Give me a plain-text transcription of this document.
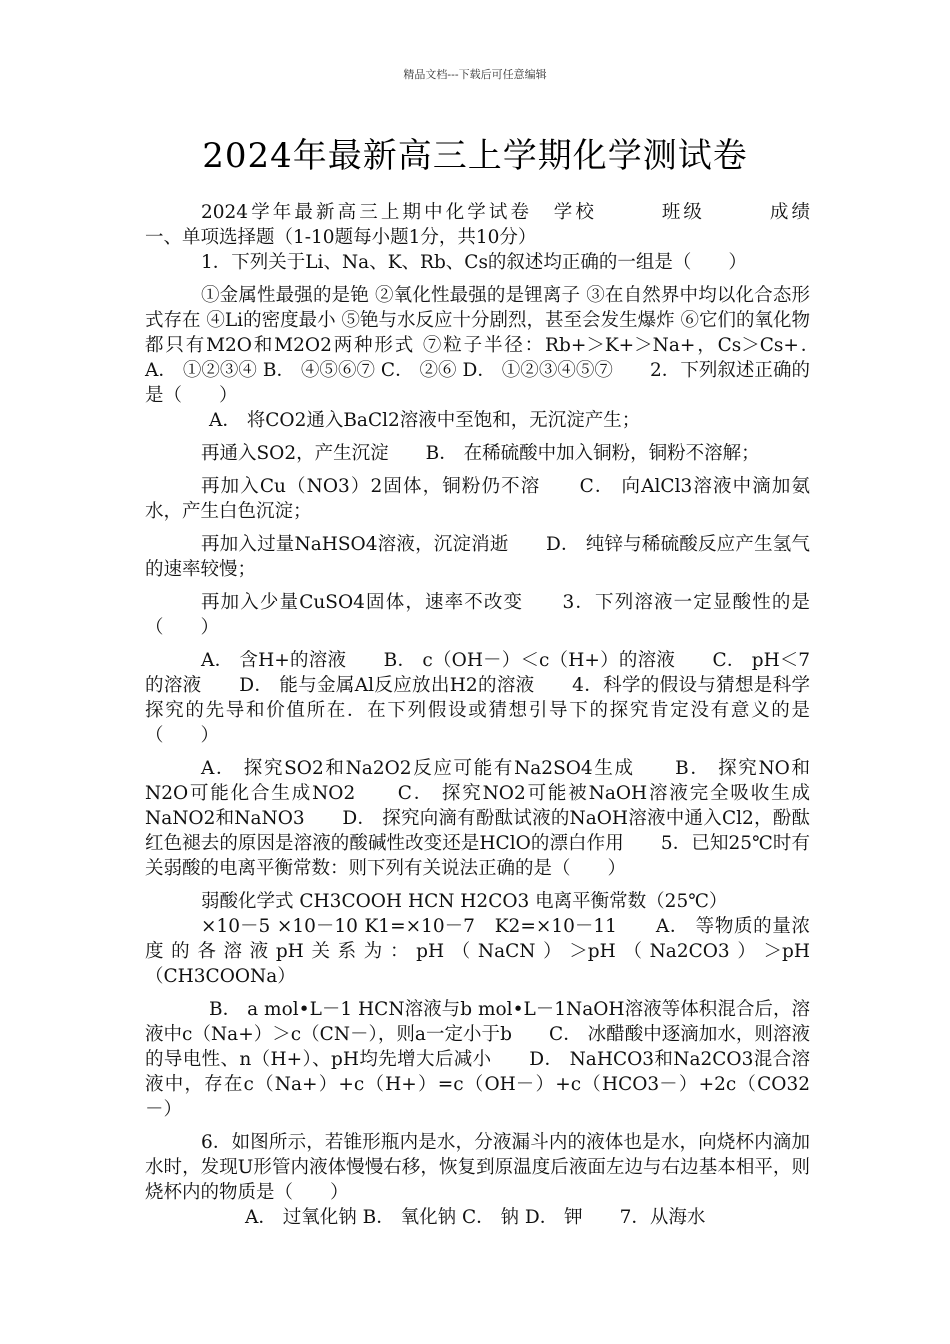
精品文档---下载后可任意编辑
2024年最新高三上学期化学测试卷

2024学年最新高三上期中化学试卷　学校　　　班级　　　成绩　　　一、单项选择题（1-10题每小题1分，共10分）

1．下列关于Li、Na、K、Rb、Cs的叙述均正确的一组是（　　）

①金属性最强的是铯 ②氧化性最强的是锂离子 ③在自然界中均以化合态形式存在 ④Li的密度最小 ⑤铯与水反应十分剧烈，甚至会发生爆炸 ⑥它们的氧化物都只有M2O和M2O2两种形式 ⑦粒子半径：Rb+＞K+＞Na+，Cs＞Cs+．　　A． ①②③④ B． ④⑤⑥⑦ C． ②⑥ D． ①②③④⑤⑦　　2．下列叙述正确的是（　　）

A． 将CO2通入BaCl2溶液中至饱和，无沉淀产生；

再通入SO2，产生沉淀　　B． 在稀硫酸中加入铜粉，铜粉不溶解；

再加入Cu（NO3）2固体，铜粉仍不溶　　C． 向AlCl3溶液中滴加氨水，产生白色沉淀；

再加入过量NaHSO4溶液，沉淀消逝　　D． 纯锌与稀硫酸反应产生氢气的速率较慢；

再加入少量CuSO4固体，速率不改变　　3．下列溶液一定显酸性的是（　　）

A． 含H+的溶液　　B． c（OH－）＜c（H+）的溶液　　C． pH＜7的溶液　　D． 能与金属Al反应放出H2的溶液　　4．科学的假设与猜想是科学探究的先导和价值所在．在下列假设或猜想引导下的探究肯定没有意义的是（　　）

A． 探究SO2和Na2O2反应可能有Na2SO4生成　　B． 探究NO和N2O可能化合生成NO2　　C． 探究NO2可能被NaOH溶液完全吸收生成NaNO2和NaNO3　　D． 探究向滴有酚酞试液的NaOH溶液中通入Cl2，酚酞红色褪去的原因是溶液的酸碱性改变还是HClO的漂白作用　　5．已知25℃时有关弱酸的电离平衡常数：则下列有关说法正确的是（　　）

弱酸化学式 CH3COOH HCN H2CO3 电离平衡常数（25℃）

×10－5 ×10－10 K1=×10－7　K2=×10－11　　A． 等物质的量浓度的各溶液pH关系为：pH（NaCN）＞pH（Na2CO3）＞pH（CH3COONa）

B． a mol•L－1 HCN溶液与b mol•L－1NaOH溶液等体积混合后，溶液中c（Na+）＞c（CN－），则a一定小于b　　C． 冰醋酸中逐滴加水，则溶液的导电性、n（H+）、pH均先增大后减小　　D． NaHCO3和Na2CO3混合溶液中，存在c（Na+）+c（H+）=c（OH－）+c（HCO3－）+2c（CO32－）

6．如图所示，若锥形瓶内是水，分液漏斗内的液体也是水，向烧杯内滴加水时，发现U形管内液体慢慢右移，恢复到原温度后液面左边与右边基本相平，则烧杯内的物质是（　　）

A． 过氧化钠 B． 氧化钠 C． 钠 D． 钾　　7．从海水
